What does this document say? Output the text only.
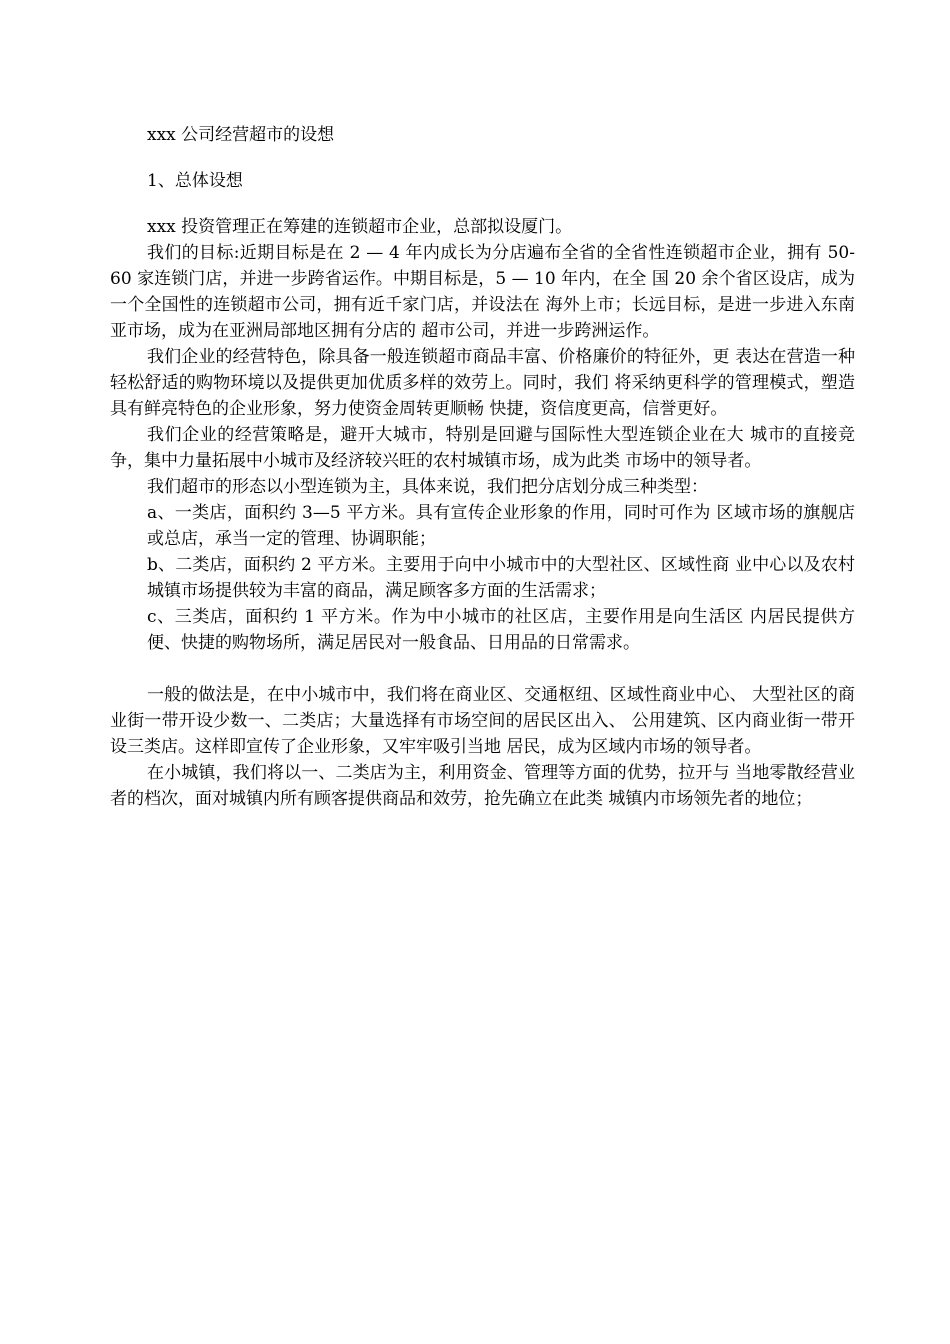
xxx 公司经营超市的设想
1、总体设想

xxx 投资管理正在筹建的连锁超市企业，总部拟设厦门。

我们的目标:近期目标是在 2 — 4 年内成长为分店遍布全省的全省性连锁超市企业，拥有 50-60 家连锁门店，并进一步跨省运作。中期目标是，5 — 10 年内，在全 国 20 余个省区设店，成为一个全国性的连锁超市公司，拥有近千家门店，并设法在 海外上市；长远目标，是进一步进入东南亚市场，成为在亚洲局部地区拥有分店的 超市公司，并进一步跨洲运作。

我们企业的经营特色，除具备一般连锁超市商品丰富、价格廉价的特征外，更 表达在营造一种轻松舒适的购物环境以及提供更加优质多样的效劳上。同时，我们 将采纳更科学的管理模式，塑造具有鲜亮特色的企业形象，努力使资金周转更顺畅 快捷，资信度更高，信誉更好。

我们企业的经营策略是，避开大城市，特别是回避与国际性大型连锁企业在大 城市的直接竞争，集中力量拓展中小城市及经济较兴旺的农村城镇市场，成为此类 市场中的领导者。

我们超市的形态以小型连锁为主，具体来说，我们把分店划分成三种类型：

a、一类店，面积约 3—5 平方米。具有宣传企业形象的作用，同时可作为 区域市场的旗舰店或总店，承当一定的管理、协调职能；
b、二类店，面积约 2 平方米。主要用于向中小城市中的大型社区、区域性商 业中心以及农村城镇市场提供较为丰富的商品，满足顾客多方面的生活需求；
c、三类店，面积约 1 平方米。作为中小城市的社区店，主要作用是向生活区 内居民提供方便、快捷的购物场所，满足居民对一般食品、日用品的日常需求。

一般的做法是，在中小城市中，我们将在商业区、交通枢纽、区域性商业中心、 大型社区的商业街一带开设少数一、二类店；大量选择有市场空间的居民区出入、 公用建筑、区内商业街一带开设三类店。这样即宣传了企业形象，又牢牢吸引当地 居民，成为区域内市场的领导者。

在小城镇，我们将以一、二类店为主，利用资金、管理等方面的优势，拉开与 当地零散经营业者的档次，面对城镇内所有顾客提供商品和效劳，抢先确立在此类 城镇内市场领先者的地位；
